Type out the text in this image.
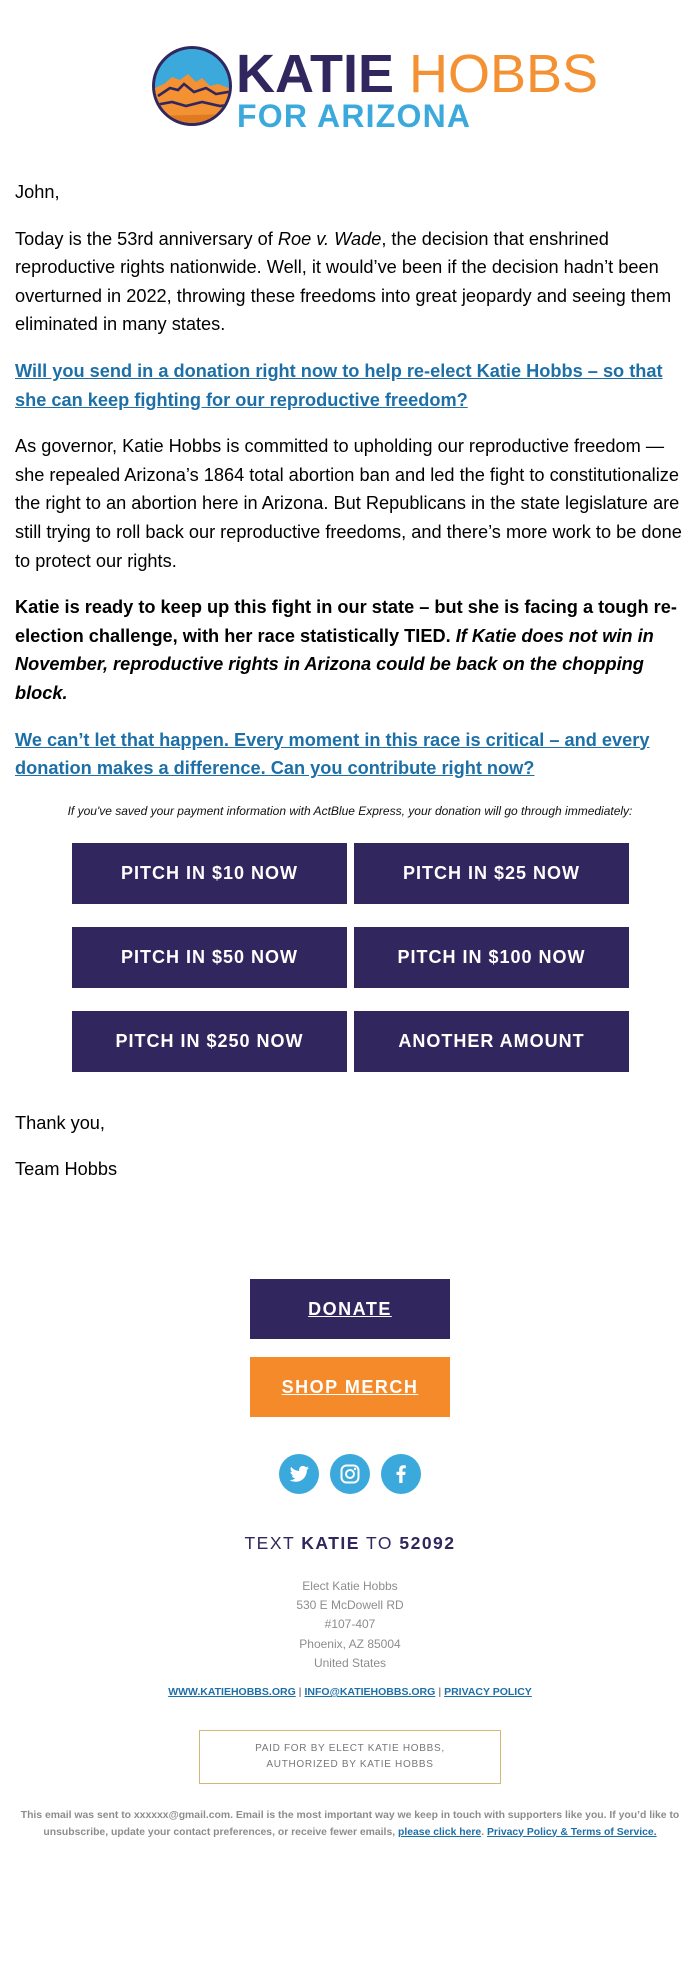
KATIE HOBBS
FOR ARIZONA

John,

Today is the 53rd anniversary of Roe v. Wade, the decision that enshrined reproductive rights nationwide. Well, it would’ve been if the decision hadn’t been overturned in 2022, throwing these freedoms into great jeopardy and seeing them eliminated in many states.

Will you send in a donation right now to help re-elect Katie Hobbs – so that she can keep fighting for our reproductive freedom?

As governor, Katie Hobbs is committed to upholding our reproductive freedom — she repealed Arizona’s 1864 total abortion ban and led the fight to constitutionalize the right to an abortion here in Arizona. But Republicans in the state legislature are still trying to roll back our reproductive freedoms, and there’s more work to be done to protect our rights.

Katie is ready to keep up this fight in our state – but she is facing a tough re-election challenge, with her race statistically TIED. If Katie does not win in November, reproductive rights in Arizona could be back on the chopping block.

We can’t let that happen. Every moment in this race is critical – and every donation makes a difference. Can you contribute right now?

If you've saved your payment information with ActBlue Express, your donation will go through immediately:
PITCH IN $10 NOW	PITCH IN $25 NOW
PITCH IN $50 NOW	PITCH IN $100 NOW
PITCH IN $250 NOW	ANOTHER AMOUNT

Thank you,

Team Hobbs

DONATE
SHOP MERCH
TEXT KATIE TO 52092
Elect Katie Hobbs
530 E McDowell RD
#107-407
Phoenix, AZ 85004
United States
WWW.KATIEHOBBS.ORG | INFO@KATIEHOBBS.ORG | PRIVACY POLICY
PAID FOR BY ELECT KATIE HOBBS,
AUTHORIZED BY KATIE HOBBS
This email was sent to xxxxxx@gmail.com. Email is the most important way we keep in touch with supporters like you. If you’d like to unsubscribe, update your contact preferences, or receive fewer emails, please click here. Privacy Policy & Terms of Service.
